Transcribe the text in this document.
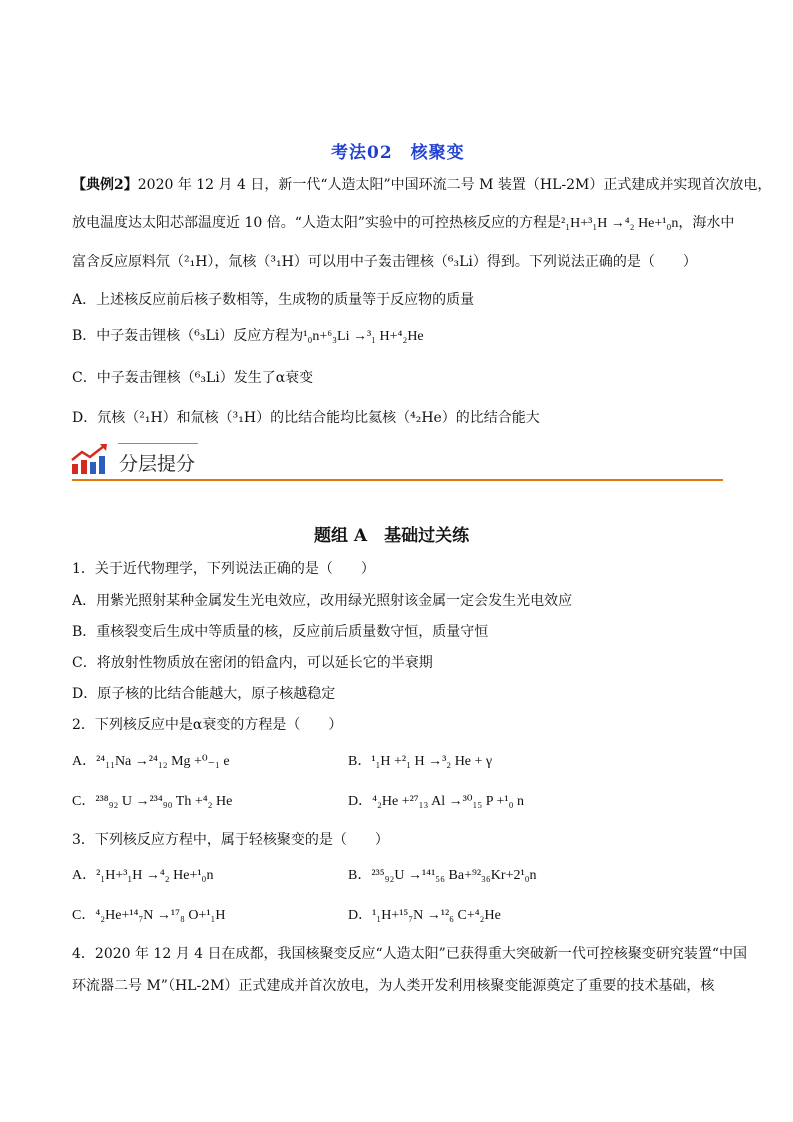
考法02　核聚变
【典例2】2020 年 12 月 4 日，新一代“人造太阳”中国环流二号 M 装置（HL-2M）正式建成并实现首次放电，
放电温度达太阳芯部温度近 10 倍。“人造太阳”实验中的可控热核反应的方程是²₁H+³₁H →⁴₂ He+¹₀n，海水中
富含反应原料氘（²₁H），氚核（³₁H）可以用中子轰击锂核（⁶₃Li）得到。下列说法正确的是（　　）
A．上述核反应前后核子数相等，生成物的质量等于反应物的质量
B．中子轰击锂核（⁶₃Li）反应方程为¹₀n+⁶₃Li →³₁ H+⁴₂He
C．中子轰击锂核（⁶₃Li）发生了α衰变
D．氘核（²₁H）和氚核（³₁H）的比结合能均比氦核（⁴₂He）的比结合能大
分层提分
题组 A　基础过关练
1．关于近代物理学，下列说法正确的是（　　）
A．用紫光照射某种金属发生光电效应，改用绿光照射该金属一定会发生光电效应
B．重核裂变后生成中等质量的核，反应前后质量数守恒，质量守恒
C．将放射性物质放在密闭的铅盒内，可以延长它的半衰期
D．原子核的比结合能越大，原子核越稳定
2．下列核反应中是α衰变的方程是（　　）
A．²⁴₁₁Na →²⁴₁₂ Mg +⁰₋₁ e	B．¹₁H +²₁ H →³₂ He + γ
C．²³⁸₉₂ U →²³⁴₉₀ Th +⁴₂ He	D．⁴₂He +²⁷₁₃ Al →³⁰₁₅ P +¹₀ n
3．下列核反应方程中，属于轻核聚变的是（　　）
A．²₁H+³₁H →⁴₂ He+¹₀n	B．²³⁵₉₂U →¹⁴¹₅₆ Ba+⁹²₃₆Kr+2¹₀n
C．⁴₂He+¹⁴₇N →¹⁷₈ O+¹₁H	D．¹₁H+¹⁵₇N →¹²₆ C+⁴₂He
4．2020 年 12 月 4 日在成都，我国核聚变反应“人造太阳”已获得重大突破新一代可控核聚变研究装置“中国
环流器二号 M”（HL-2M）正式建成并首次放电，为人类开发利用核聚变能源奠定了重要的技术基础，核
